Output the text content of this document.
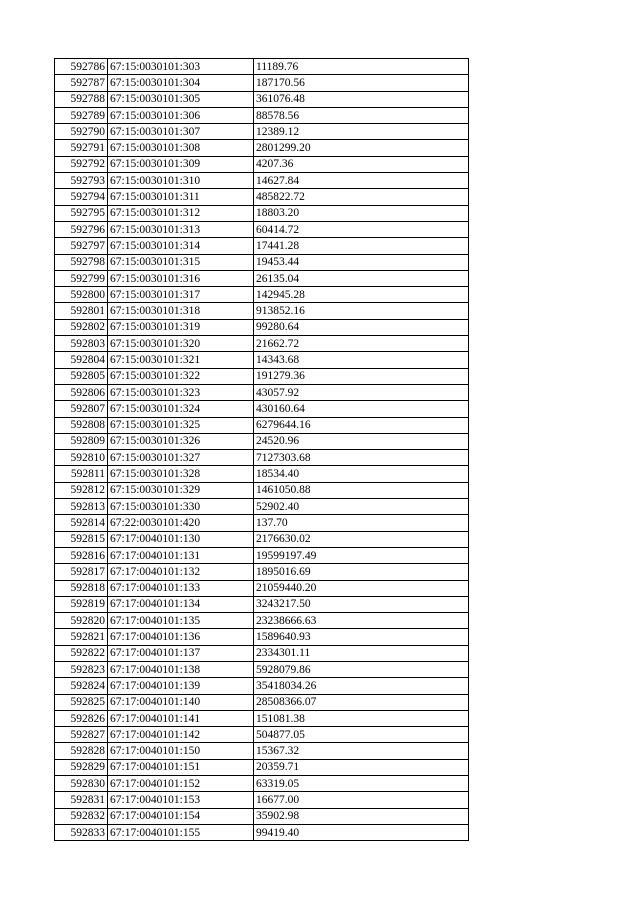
592786	67:15:0030101:303	11189.76
592787	67:15:0030101:304	187170.56
592788	67:15:0030101:305	361076.48
592789	67:15:0030101:306	88578.56
592790	67:15:0030101:307	12389.12
592791	67:15:0030101:308	2801299.20
592792	67:15:0030101:309	4207.36
592793	67:15:0030101:310	14627.84
592794	67:15:0030101:311	485822.72
592795	67:15:0030101:312	18803.20
592796	67:15:0030101:313	60414.72
592797	67:15:0030101:314	17441.28
592798	67:15:0030101:315	19453.44
592799	67:15:0030101:316	26135.04
592800	67:15:0030101:317	142945.28
592801	67:15:0030101:318	913852.16
592802	67:15:0030101:319	99280.64
592803	67:15:0030101:320	21662.72
592804	67:15:0030101:321	14343.68
592805	67:15:0030101:322	191279.36
592806	67:15:0030101:323	43057.92
592807	67:15:0030101:324	430160.64
592808	67:15:0030101:325	6279644.16
592809	67:15:0030101:326	24520.96
592810	67:15:0030101:327	7127303.68
592811	67:15:0030101:328	18534.40
592812	67:15:0030101:329	1461050.88
592813	67:15:0030101:330	52902.40
592814	67:22:0030101:420	137.70
592815	67:17:0040101:130	2176630.02
592816	67:17:0040101:131	19599197.49
592817	67:17:0040101:132	1895016.69
592818	67:17:0040101:133	21059440.20
592819	67:17:0040101:134	3243217.50
592820	67:17:0040101:135	23238666.63
592821	67:17:0040101:136	1589640.93
592822	67:17:0040101:137	2334301.11
592823	67:17:0040101:138	5928079.86
592824	67:17:0040101:139	35418034.26
592825	67:17:0040101:140	28508366.07
592826	67:17:0040101:141	151081.38
592827	67:17:0040101:142	504877.05
592828	67:17:0040101:150	15367.32
592829	67:17:0040101:151	20359.71
592830	67:17:0040101:152	63319.05
592831	67:17:0040101:153	16677.00
592832	67:17:0040101:154	35902.98
592833	67:17:0040101:155	99419.40
